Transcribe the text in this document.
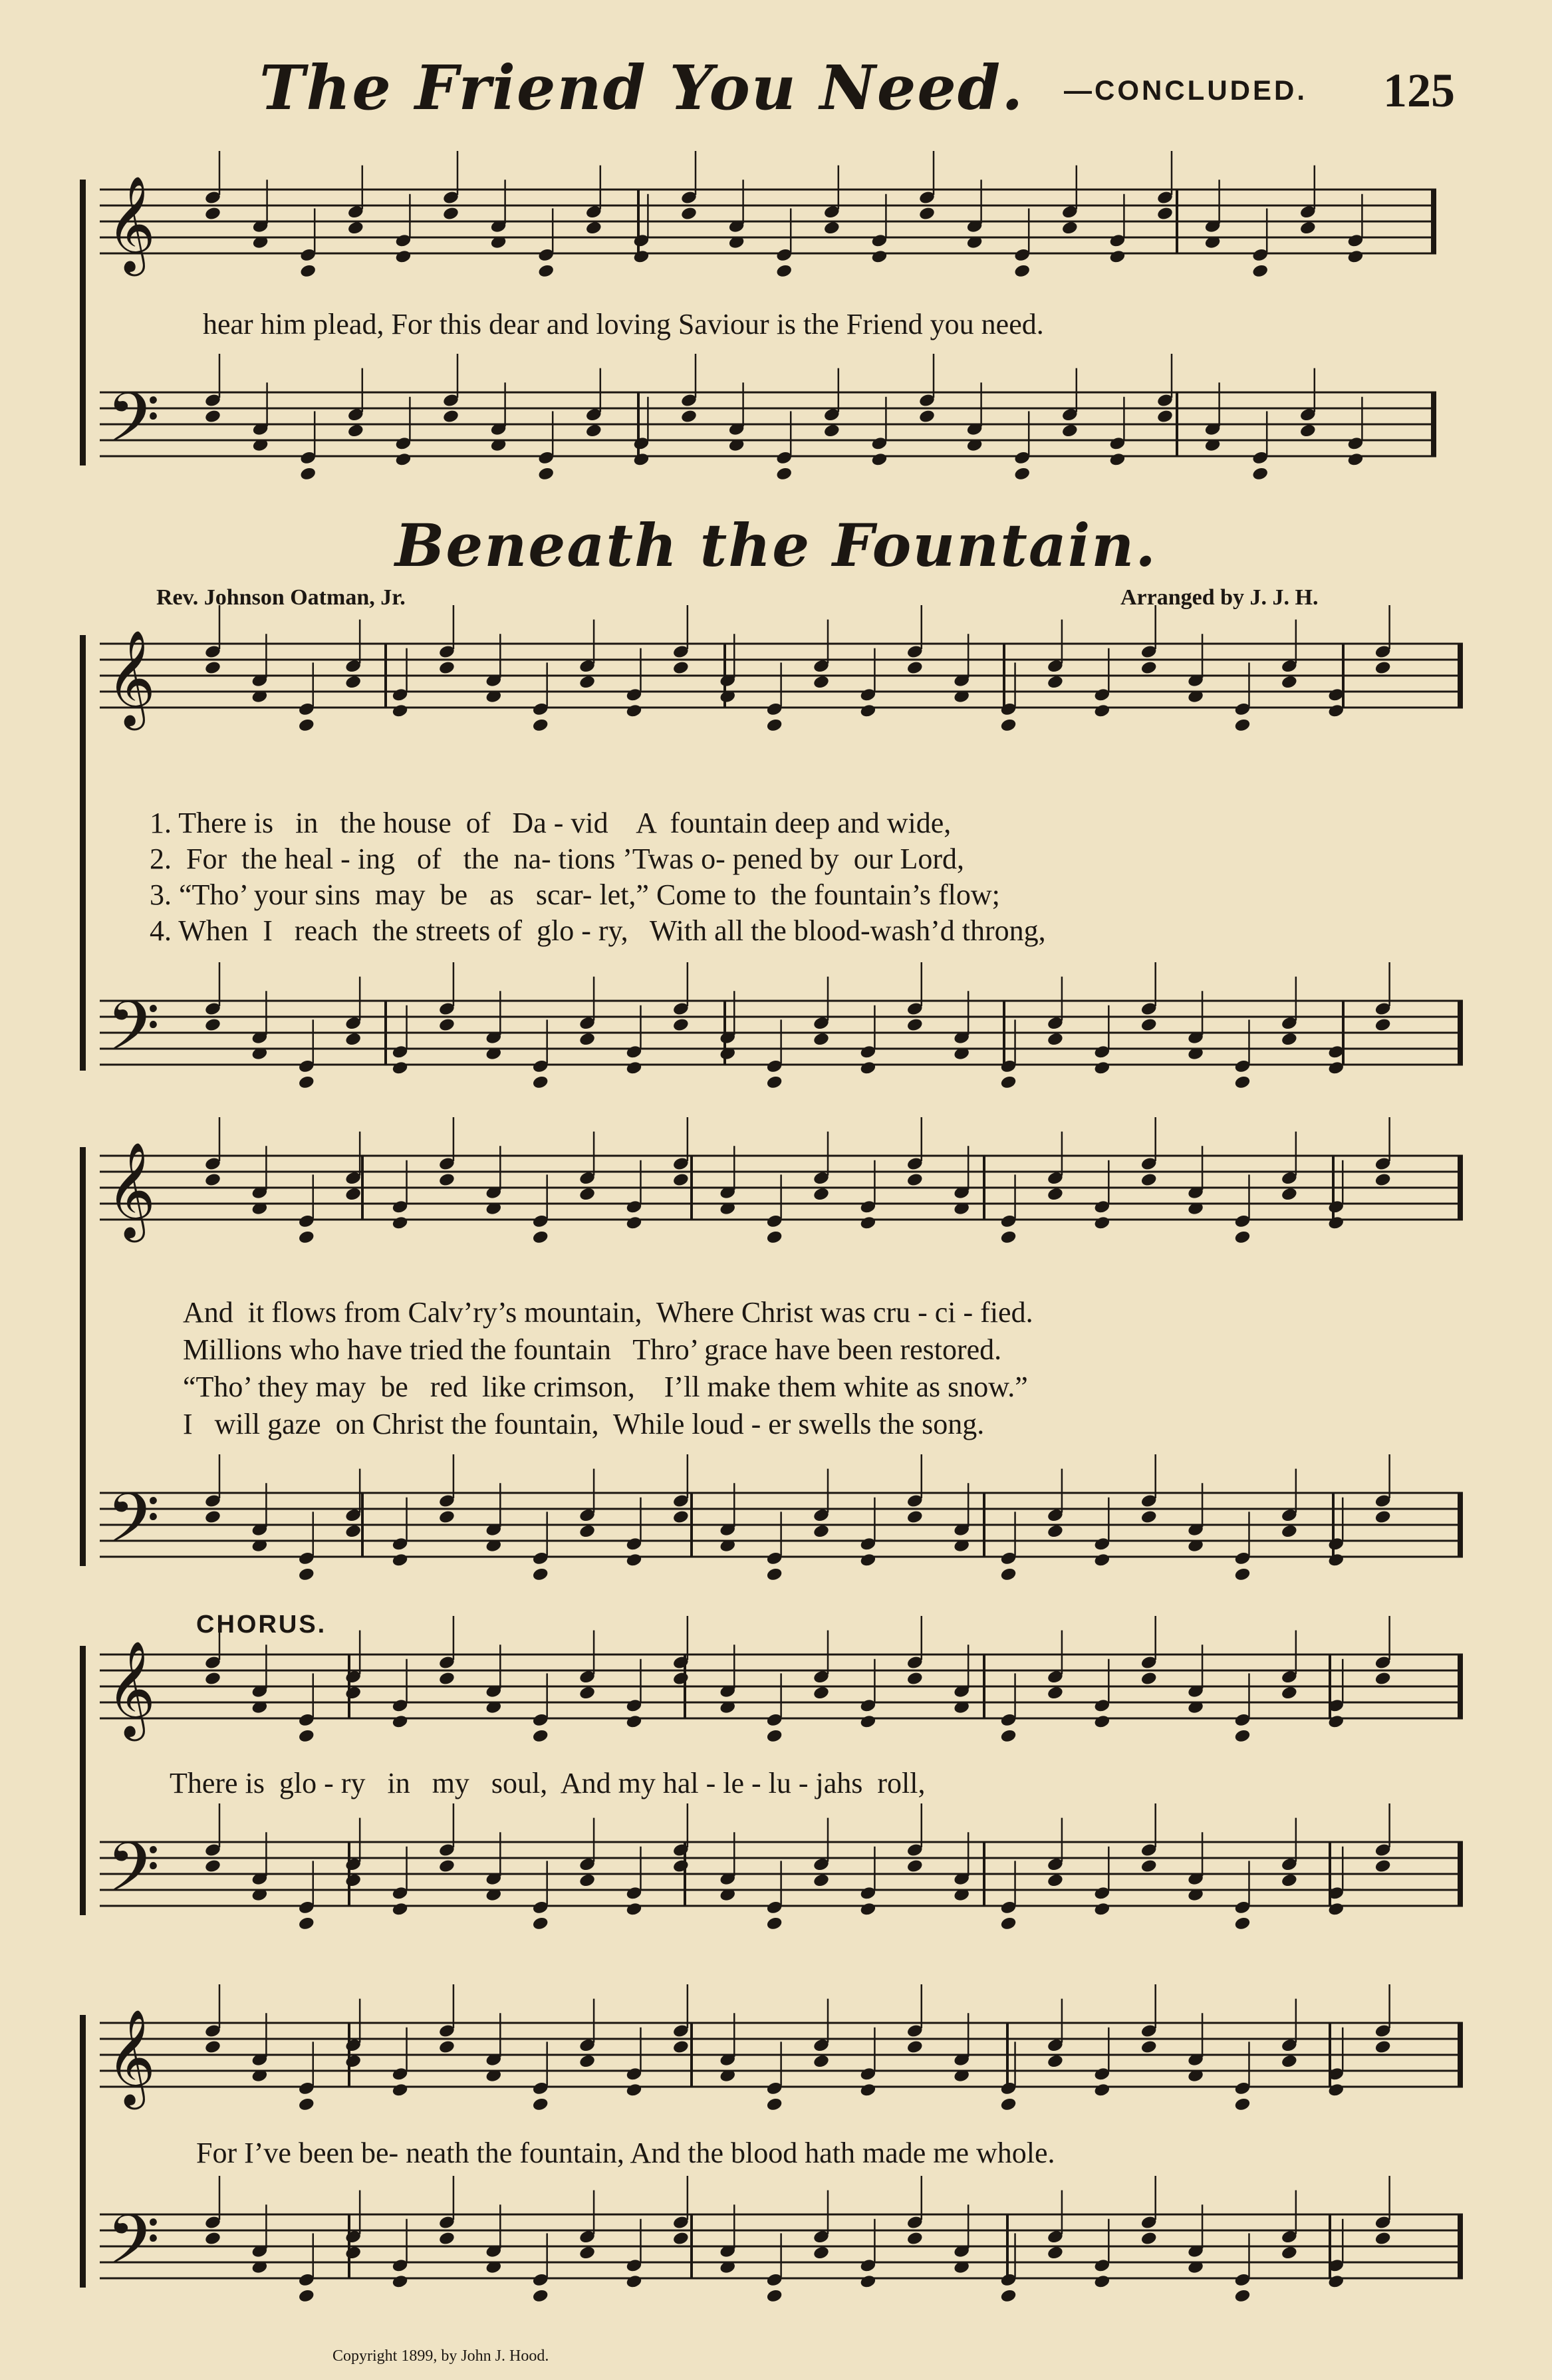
The Friend You Need. —CONCLUDED. 125
𝄞
𝄢
𝄞
𝄢
𝄞
𝄢
𝄞
𝄢
𝄞
𝄢
hear him plead, For this dear and loving Saviour is the Friend you need.
Beneath the Fountain.
Rev. Johnson Oatman, Jr.	Arranged by J. J. H.
1. There is   in   the house  of   Da - vid    A  fountain deep and wide,
2.  For  the heal - ing   of   the  na- tions ’Twas o- pened by  our Lord,
3. “Tho’ your sins  may  be   as   scar- let,” Come to  the fountain’s flow;
4. When  I   reach  the streets of  glo - ry,   With all the blood-wash’d throng,
And  it flows from Calv’ry’s mountain,  Where Christ was cru - ci - fied.
Millions who have tried the fountain   Thro’ grace have been restored.
“Tho’ they may  be   red  like crimson,    I’ll make them white as snow.”
I   will gaze  on Christ the fountain,  While loud - er swells the song.
CHORUS.
There is  glo - ry   in   my   soul,  And my hal - le - lu - jahs  roll,
For I’ve been be- neath the fountain, And the blood hath made me whole.
Copyright 1899, by John J. Hood.
